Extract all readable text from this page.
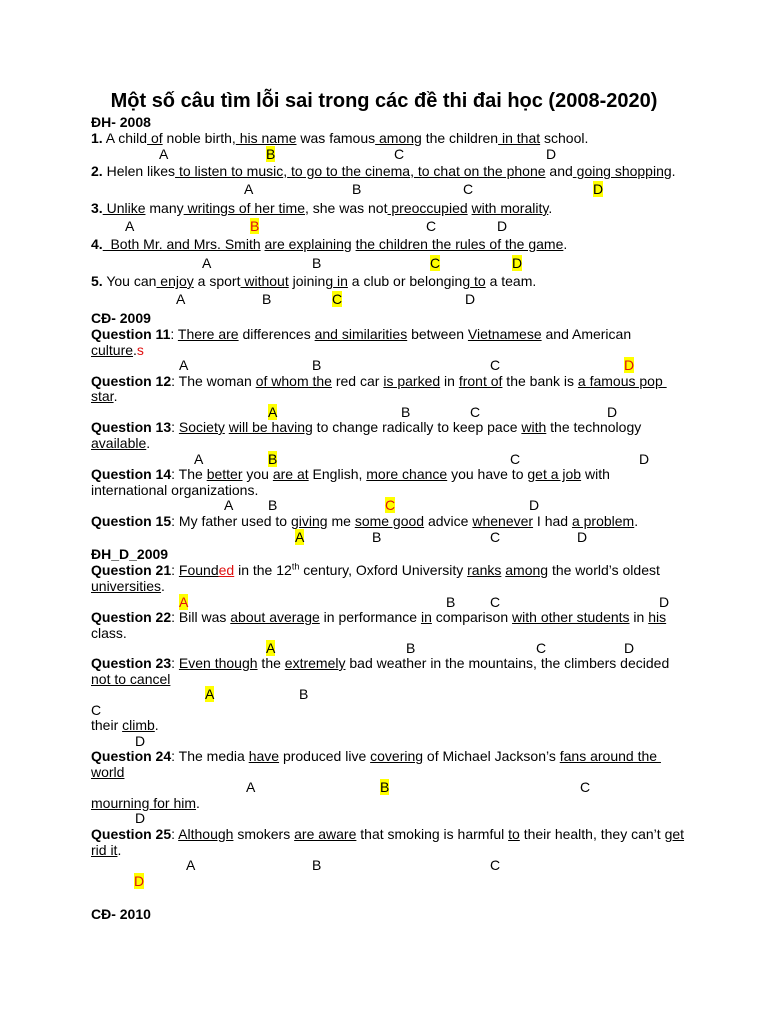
Một số câu tìm lỗi sai trong các đề thi đai học (2008-2020)
ĐH- 2008
1. A child of noble birth, his name was famous among the children in that school.
A	B	C	D
2. Helen likes to listen to music, to go to the cinema, to chat on the phone and going shopping.
A	B	C	D
3. Unlike many writings of her time, she was not preoccupied with morality.
A	B	C	D
4.  Both Mr. and Mrs. Smith are explaining the children the rules of the game.
A	B	C	D
5. You can enjoy a sport without joining in a club or belonging to a team.
A	B	C	D
CĐ- 2009
Question 11: There are differences and similarities between Vietnamese and American
culture.s
A	B	C	D
Question 12: The woman of whom the red car is parked in front of the bank is a famous pop
star.
A	B	C	D
Question 13: Society will be having to change radically to keep pace with the technology
available.
A	B	C	D
Question 14: The better you are at English, more chance you have to get a job with
international organizations.
A B	C	D
Question 15: My father used to giving me some good advice whenever I had a problem.
A	B	C	D
ĐH_D_2009
Question 21: Founded in the 12th century, Oxford University ranks among the world’s oldest
universities.
A	B C	D
Question 22: Bill was about average in performance in comparison with other students in his
class.
A	B	C	D
Question 23: Even though the extremely bad weather in the mountains, the climbers decided
not to cancel
A	B
C
their climb.
D
Question 24: The media have produced live covering of Michael Jackson’s fans around the
world
A	B	C
mourning for him.
D
Question 25: Although smokers are aware that smoking is harmful to their health, they can’t get
rid it.
A	B	C
D
CĐ- 2010
